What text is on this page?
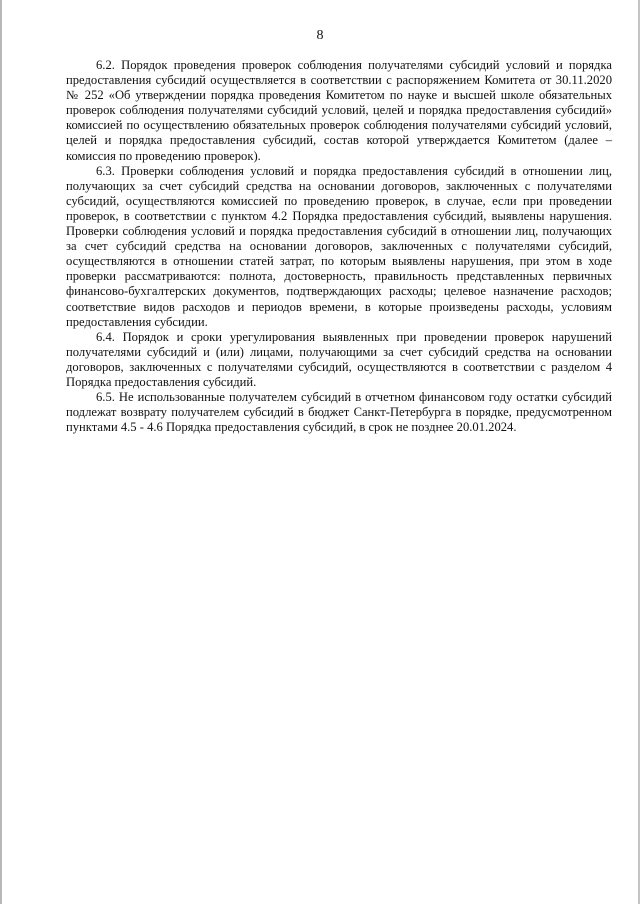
8

6.2. Порядок проведения проверок соблюдения получателями субсидий условий и порядка предоставления субсидий осуществляется в соответствии с распоряжением Комитета от 30.11.2020 № 252 «Об утверждении порядка проведения Комитетом по науке и высшей школе обязательных проверок соблюдения получателями субсидий условий, целей и порядка предоставления субсидий» комиссией по осуществлению обязательных проверок соблюдения получателями субсидий условий, целей и порядка предоставления субсидий, состав которой утверждается Комитетом (далее – комиссия по проведению проверок).

6.3. Проверки соблюдения условий и порядка предоставления субсидий в отношении лиц, получающих за счет субсидий средства на основании договоров, заключенных с получателями субсидий, осуществляются комиссией по проведению проверок, в случае, если при проведении проверок, в соответствии с пунктом 4.2 Порядка предоставления субсидий, выявлены нарушения. Проверки соблюдения условий и порядка предоставления субсидий в отношении лиц, получающих за счет субсидий средства на основании договоров, заключенных с получателями субсидий, осуществляются в отношении статей затрат, по которым выявлены нарушения, при этом в ходе проверки рассматриваются: полнота, достоверность, правильность представленных первичных финансово-бухгалтерских документов, подтверждающих расходы; целевое назначение расходов; соответствие видов расходов и периодов времени, в которые произведены расходы, условиям предоставления субсидии.

6.4. Порядок и сроки урегулирования выявленных при проведении проверок нарушений получателями субсидий и (или) лицами, получающими за счет субсидий средства на основании договоров, заключенных с получателями субсидий, осуществляются в соответствии с разделом 4 Порядка предоставления субсидий.

6.5. Не использованные получателем субсидий в отчетном финансовом году остатки субсидий подлежат возврату получателем субсидий в бюджет Санкт-Петербурга в порядке, предусмотренном пунктами 4.5 - 4.6 Порядка предоставления субсидий, в срок не позднее 20.01.2024.
